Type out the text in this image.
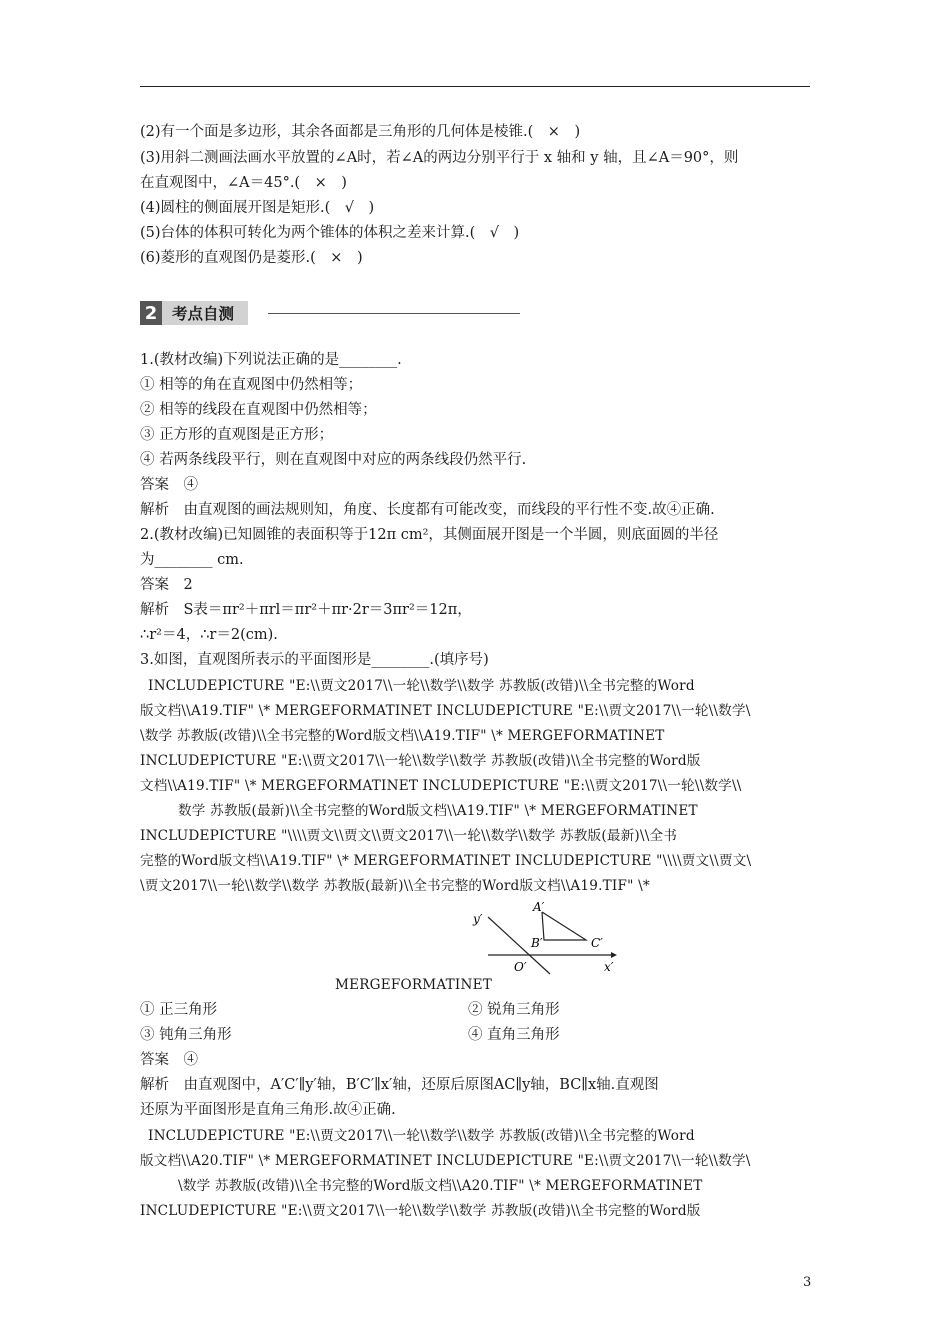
(2)有一个面是多边形，其余各面都是三角形的几何体是棱锥.(　×　)
(3)用斜二测画法画水平放置的∠A时，若∠A的两边分别平行于 x 轴和 y 轴，且∠A＝90°，则
在直观图中，∠A＝45°.(　×　)
(4)圆柱的侧面展开图是矩形.(　√　)
(5)台体的体积可转化为两个锥体的体积之差来计算.(　√　)
(6)菱形的直观图仍是菱形.(　×　)
2 考点自测
1.(教材改编)下列说法正确的是________.
① 相等的角在直观图中仍然相等；
② 相等的线段在直观图中仍然相等；
③ 正方形的直观图是正方形；
④ 若两条线段平行，则在直观图中对应的两条线段仍然平行.
答案　④
解析　由直观图的画法规则知，角度、长度都有可能改变，而线段的平行性不变.故④正确.
2.(教材改编)已知圆锥的表面积等于12π cm²，其侧面展开图是一个半圆，则底面圆的半径
为________ cm.
答案　2
解析　S表＝πr²＋πrl＝πr²＋πr·2r＝3πr²＝12π，
∴r²＝4，∴r＝2(cm).
3.如图，直观图所表示的平面图形是________.(填序号)
INCLUDEPICTURE "E:\\贾文2017\\一轮\\数学\\数学 苏教版(改错)\\全书完整的Word
版文档\\A19.TIF" \* MERGEFORMATINET INCLUDEPICTURE "E:\\贾文2017\\一轮\\数学\
\数学 苏教版(改错)\\全书完整的Word版文档\\A19.TIF" \* MERGEFORMATINET
INCLUDEPICTURE "E:\\贾文2017\\一轮\\数学\\数学 苏教版(改错)\\全书完整的Word版
文档\\A19.TIF" \* MERGEFORMATINET INCLUDEPICTURE "E:\\贾文2017\\一轮\\数学\\
数学 苏教版(最新)\\全书完整的Word版文档\\A19.TIF" \* MERGEFORMATINET
INCLUDEPICTURE "\\\\贾文\\贾文\\贾文2017\\一轮\\数学\\数学 苏教版(最新)\\全书
完整的Word版文档\\A19.TIF" \* MERGEFORMATINET INCLUDEPICTURE "\\\\贾文\\贾文\
\贾文2017\\一轮\\数学\\数学 苏教版(最新)\\全书完整的Word版文档\\A19.TIF" \*
y′
A′
B′	C′
O′	x′
MERGEFORMATINET
① 正三角形	② 锐角三角形
③ 钝角三角形	④ 直角三角形
答案　④
解析　由直观图中，A′C′∥y′轴，B′C′∥x′轴，还原后原图AC∥y轴，BC∥x轴.直观图
还原为平面图形是直角三角形.故④正确.
INCLUDEPICTURE "E:\\贾文2017\\一轮\\数学\\数学 苏教版(改错)\\全书完整的Word
版文档\\A20.TIF" \* MERGEFORMATINET INCLUDEPICTURE "E:\\贾文2017\\一轮\\数学\
\数学 苏教版(改错)\\全书完整的Word版文档\\A20.TIF" \* MERGEFORMATINET
INCLUDEPICTURE "E:\\贾文2017\\一轮\\数学\\数学 苏教版(改错)\\全书完整的Word版
3
